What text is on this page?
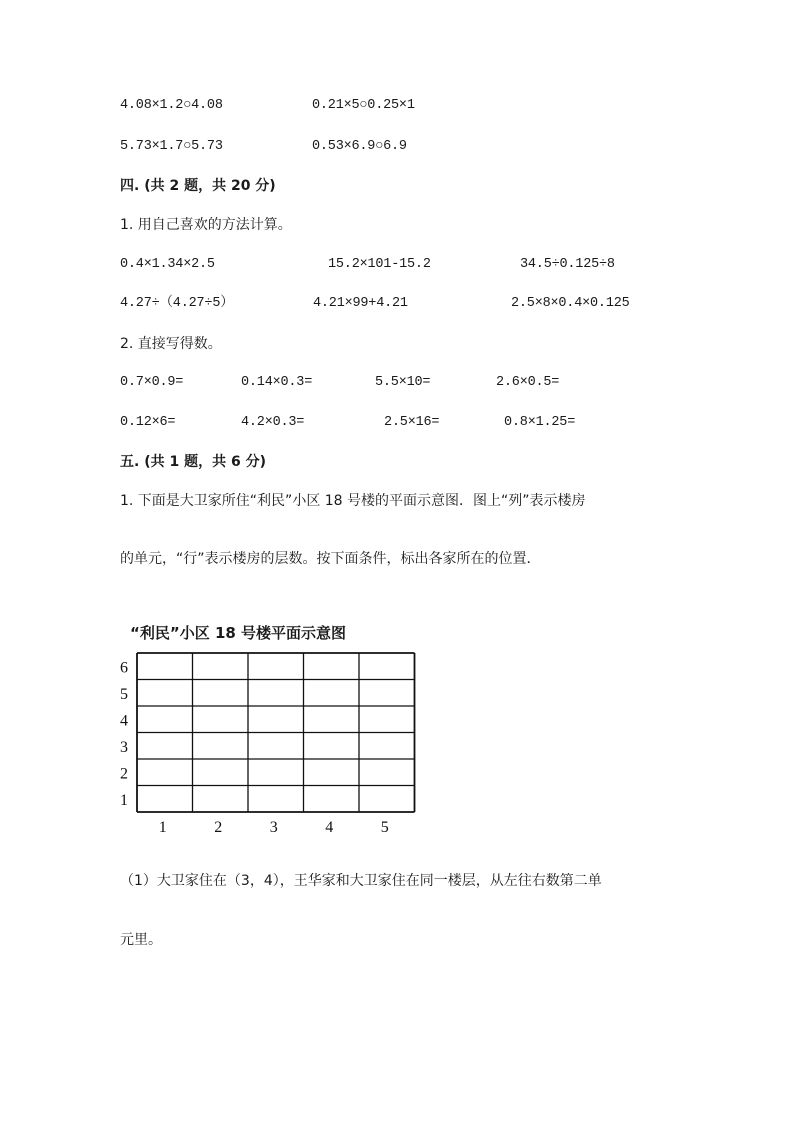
4.08×1.2○4.08	0.21×5○0.25×1
5.73×1.7○5.73	0.53×6.9○6.9
四. (共 2 题，共 20 分)
1. 用自己喜欢的方法计算。
0.4×1.34×2.5	15.2×101-15.2	34.5÷0.125÷8
4.27÷（4.27÷5）	4.21×99+4.21	2.5×8×0.4×0.125
2. 直接写得数。
0.7×0.9=	0.14×0.3=	5.5×10=	2.6×0.5=
0.12×6=	4.2×0.3=	2.5×16=	0.8×1.25=
五. (共 1 题，共 6 分)
1. 下面是大卫家所住“利民”小区 18 号楼的平面示意图．图上“列”表示楼房
的单元，“行”表示楼房的层数。按下面条件，标出各家所在的位置．
“利民”小区 18 号楼平面示意图
6
5
4
3
2
1
1	2	3	4	5
（1）大卫家住在（3，4），王华家和大卫家住在同一楼层，从左往右数第二单
元里。
